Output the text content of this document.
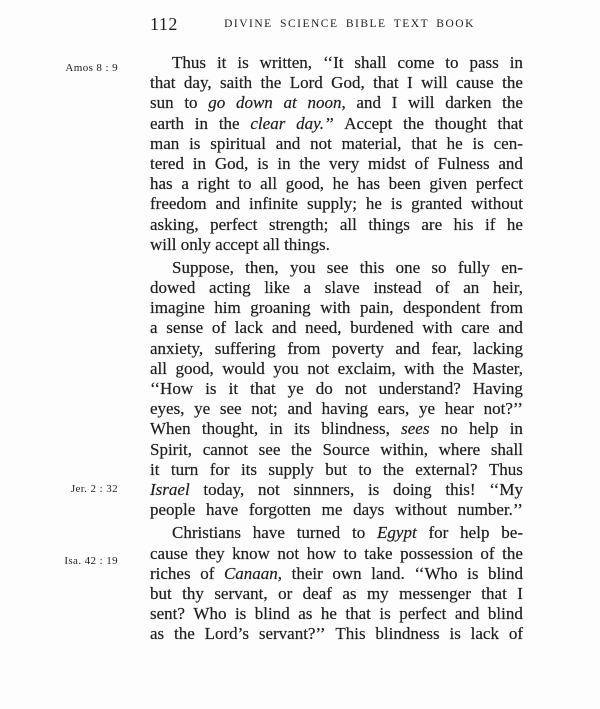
112	DIVINE SCIENCE BIBLE TEXT BOOK
Amos 8 : 9
Jer. 2 : 32
Isa. 42 : 19
Thus it is written, ‘‘It shall come to pass in
that day, saith the Lord God, that I will cause the
sun to go down at noon, and I will darken the
earth in the clear day.’’ Accept the thought that
man is spiritual and not material, that he is cen-
tered in God, is in the very midst of Fulness and
has a right to all good, he has been given perfect
freedom and infinite supply; he is granted without
asking, perfect strength; all things are his if he
will only accept all things.
Suppose, then, you see this one so fully en-
dowed acting like a slave instead of an heir,
imagine him groaning with pain, despondent from
a sense of lack and need, burdened with care and
anxiety, suffering from poverty and fear, lacking
all good, would you not exclaim, with the Master,
‘‘How is it that ye do not understand? Having
eyes, ye see not; and having ears, ye hear not?’’
When thought, in its blindness, sees no help in
Spirit, cannot see the Source within, where shall
it turn for its supply but to the external? Thus
Israel today, not sinnners, is doing this! ‘‘My
people have forgotten me days without number.’’
Christians have turned to Egypt for help be-
cause they know not how to take possession of the
riches of Canaan, their own land. ‘‘Who is blind
but thy servant, or deaf as my messenger that I
sent? Who is blind as he that is perfect and blind
as the Lord’s servant?’’ This blindness is lack of
